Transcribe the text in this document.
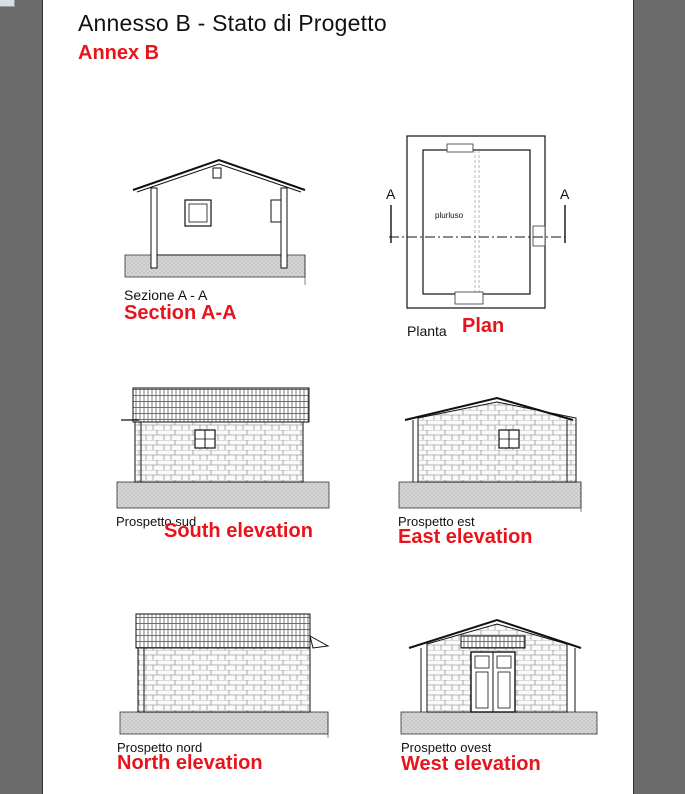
Annesso B - Stato di Progetto
Annex B
A	A
plurluso
Sezione A - A
Section A-A
Planta Plan
Prospetto sud
South elevation	Prospetto est
East elevation
Prospetto nord
North elevation
Prospetto ovest
West elevation
